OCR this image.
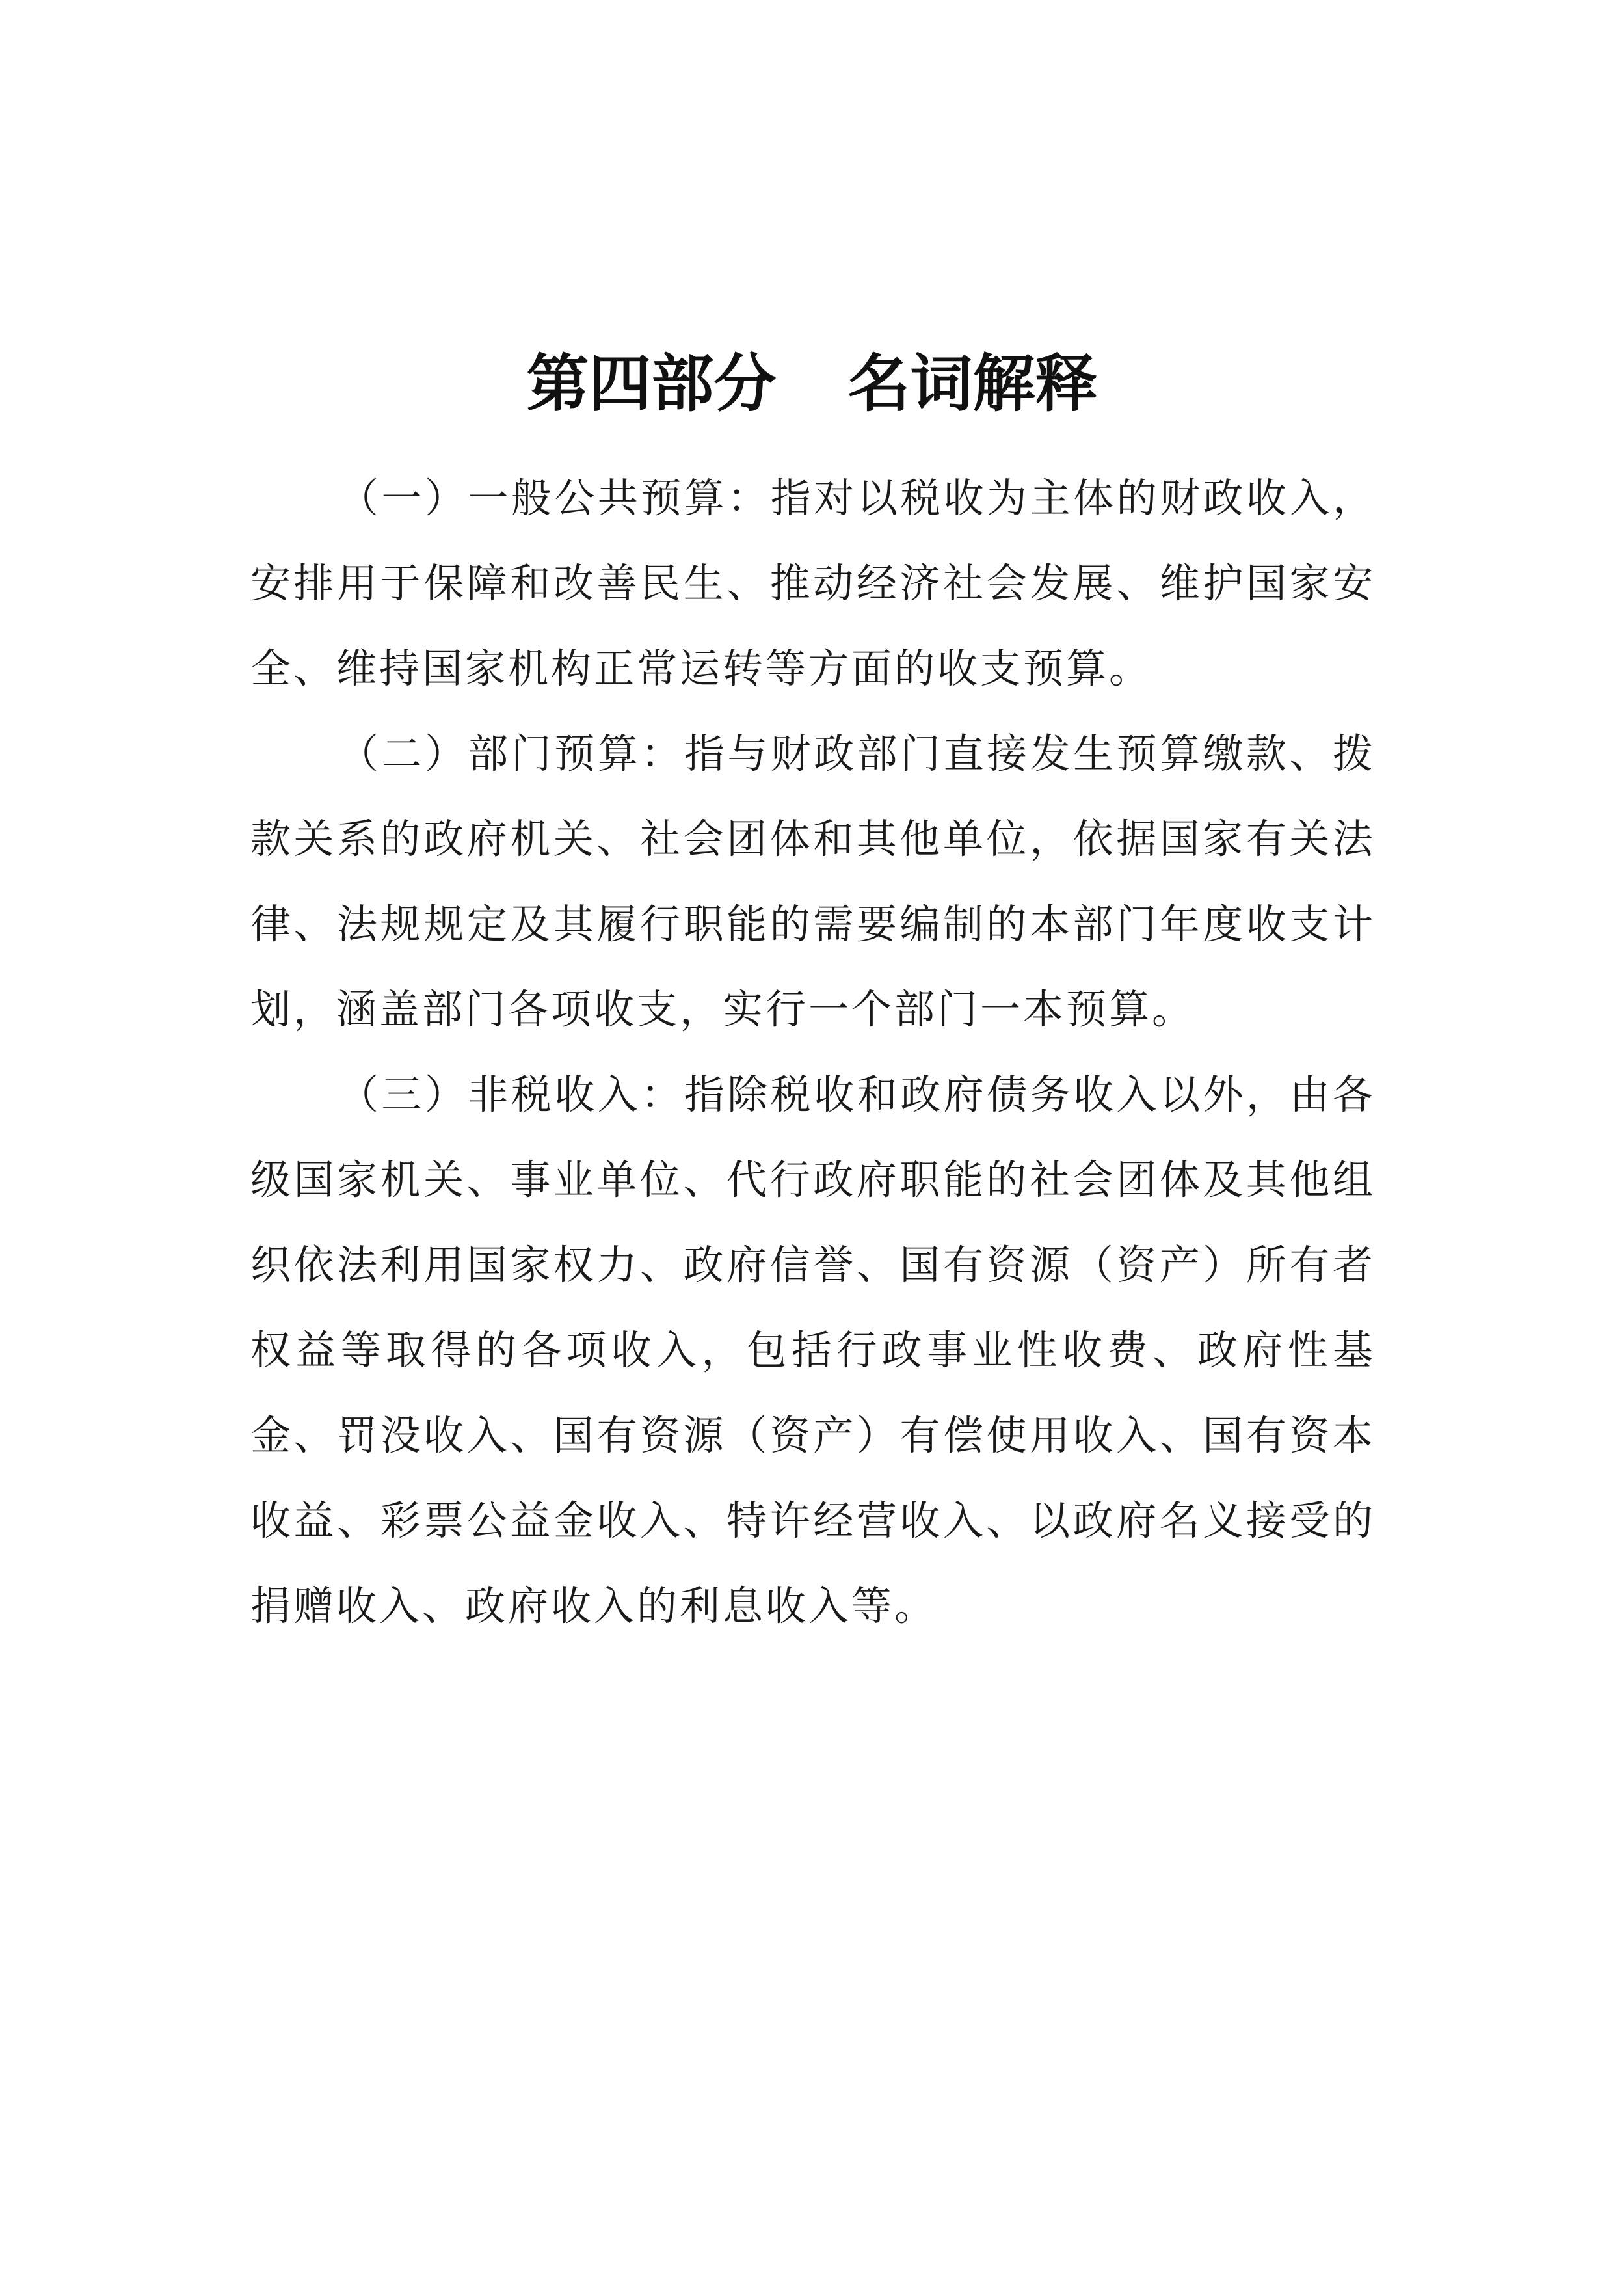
第四部分 名词解释

（一）一般公共预算：指对以税收为主体的财政收入，安排用于保障和改善民生、推动经济社会发展、维护国家安全、维持国家机构正常运转等方面的收支预算。

（二）部门预算：指与财政部门直接发生预算缴款、拨款关系的政府机关、社会团体和其他单位，依据国家有关法律、法规规定及其履行职能的需要编制的本部门年度收支计划，涵盖部门各项收支，实行一个部门一本预算。

（三）非税收入：指除税收和政府债务收入以外，由各级国家机关、事业单位、代行政府职能的社会团体及其他组织依法利用国家权力、政府信誉、国有资源（资产）所有者权益等取得的各项收入，包括行政事业性收费、政府性基金、罚没收入、国有资源（资产）有偿使用收入、国有资本收益、彩票公益金收入、特许经营收入、以政府名义接受的捐赠收入、政府收入的利息收入等。
